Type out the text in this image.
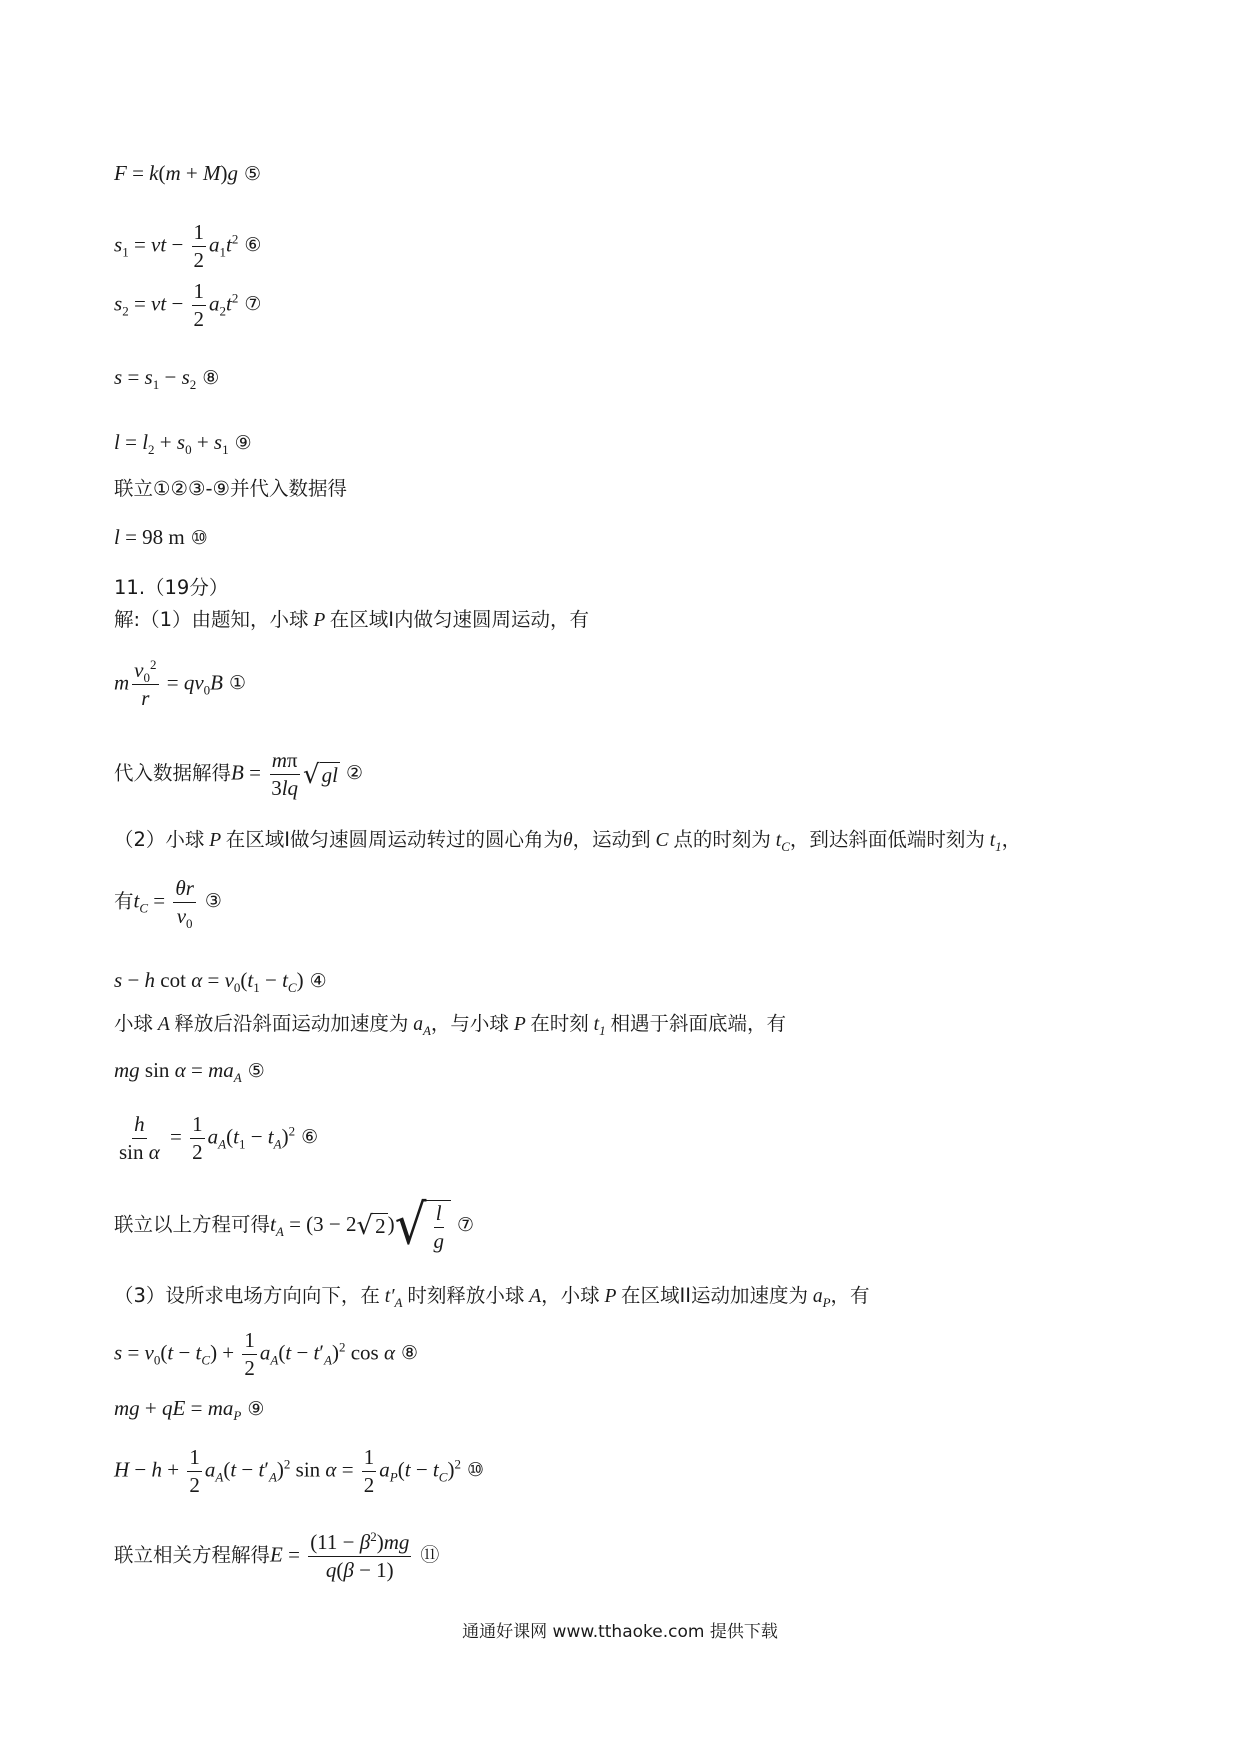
F = k(m + M)g ⑤
$s_1$ = vt − $\frac{1}{2} a_1t^2$ ⑥
$s_2$ = vt − $\frac{1}{2} a_2t^2$ ⑦
$s = s_1 - s_2$ ⑧
$l = l_2 + s_0 + s_1$ ⑨
联立①②③-⑨并代入数据得
l = 98 m ⑩
11.（19分）
解:（1）由题知，小球 P 在区域I内做匀速圆周运动，有
m $\frac{v_0^2}{r} = qv_0B$ ①
代入数据解得$B = \frac{m\pi}{3lq}$ √ gl ②
（2）小球 P 在区域I做匀速圆周运动转过的圆心角为θ，运动到 C 点的时刻为 $t_C$，到达斜面低端时刻为 $t_1$，
有$t_C = \frac{\theta r}{v_0}$ ③
s − h $\cot \alpha = v_0(t_1 - t_C)$ ④
小球 A 释放后沿斜面运动加速度为 $a_A$，与小球 P 在时刻 $t_1$ 相遇于斜面底端，有
mg $\sin \alpha = ma_A$ ⑤
$\frac{h}{\text{sin α}} = \frac{1}{2} a_A(t_1 - t_A)^2$ ⑥
联立以上方程可得$t_A = (3 - 2$ √ 2 ) √ $\frac{l}{g}$ ⑦
（3）设所求电场方向向下，在 $t'_A$ 时刻释放小球 A，小球 P 在区域II运动加速度为 $a_P$，有
$s = v_0(t - t_C) + \frac{1}{2} a_A(t - t'_A)^2$ cos α ⑧
mg + qE = $ma_P$ ⑨
$H - h + \frac{1}{2} a_A(t - t'_A)^2$ $\sin \alpha = \frac{1}{2} a_P(t - t_C)^2$ ⑩
联立相关方程解得$E = \frac{(11 - \beta^2)mg}{q(\beta - 1)}$ ⑪
通通好课网 www.tthaoke.com 提供下载
